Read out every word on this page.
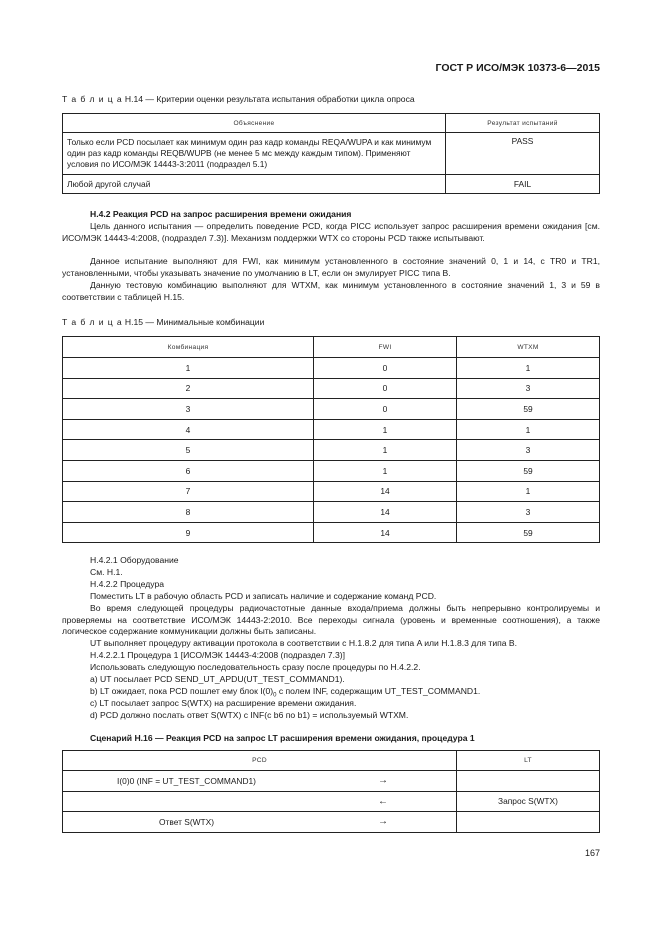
ГОСТ Р ИСО/МЭК 10373-6—2015
Т а б л и ц а Н.14 — Критерии оценки результата испытания обработки цикла опроса
Объяснение	Результат испытаний
Только если PCD посылает как минимум один раз кадр команды REQA/WUPA и как минимум один раз кадр команды REQB/WUPB (не менее 5 мс между каждым типом). Применяют условия по ИСО/МЭК 14443-3:2011 (подраздел 5.1)	PASS
Любой другой случай	FAIL
Н.4.2 Реакция PCD на запрос расширения времени ожидания

Цель данного испытания — определить поведение PCD, когда PICC использует запрос расширения времени ожидания [см. ИСО/МЭК 14443-4:2008, (подраздел 7.3)]. Механизм поддержки WTX со стороны PCD также испытывают.

Данное испытание выполняют для FWI, как минимум установленного в состояние значений 0, 1 и 14, с TR0 и TR1, установленными, чтобы указывать значение по умолчанию в LT, если он эмулирует PICC типа B.

Данную тестовую комбинацию выполняют для WTXM, как минимум установленного в состояние значений 1, 3 и 59 в соответствии с таблицей Н.15.

Т а б л и ц а Н.15 — Минимальные комбинации
Комбинация	FWI	WTXM
1	0	1
2	0	3
3	0	59
4	1	1
5	1	3
6	1	59
7	14	1
8	14	3
9	14	59
Н.4.2.1 Оборудование
См. Н.1.
Н.4.2.2 Процедура
Поместить LT в рабочую область PCD и записать наличие и содержание команд PCD.

Во время следующей процедуры радиочастотные данные входа/приема должны быть непрерывно контролируемы и проверяемы на соответствие ИСО/МЭК 14443-2:2010. Все переходы сигнала (уровень и временные соотношения), а также логическое содержание коммуникации должны быть записаны.

UT выполняет процедуру активации протокола в соответствии с Н.1.8.2 для типа A или Н.1.8.3 для типа B.
Н.4.2.2.1 Процедура 1 [ИСО/МЭК 14443-4:2008 (подраздел 7.3)]
Использовать следующую последовательность сразу после процедуры по Н.4.2.2.
a) UT посылает PCD SEND_UT_APDU(UT_TEST_COMMAND1).
b) LT ожидает, пока PCD пошлет ему блок $I(0)_0$ с полем INF, содержащим UT_TEST_COMMAND1.
c) LT посылает запрос S(WTX) на расширение времени ожидания.
d) PCD должно послать ответ S(WTX) с INF(с b6 по b1) = используемый WTXM.
Сценарий Н.16 — Реакция PCD на запрос LT расширения времени ожидания, процедура 1
PCD		LT
I(0)0 (INF = UT_TEST_COMMAND1)	→	
	←	Запрос S(WTX)
Ответ S(WTX)	→	
167
